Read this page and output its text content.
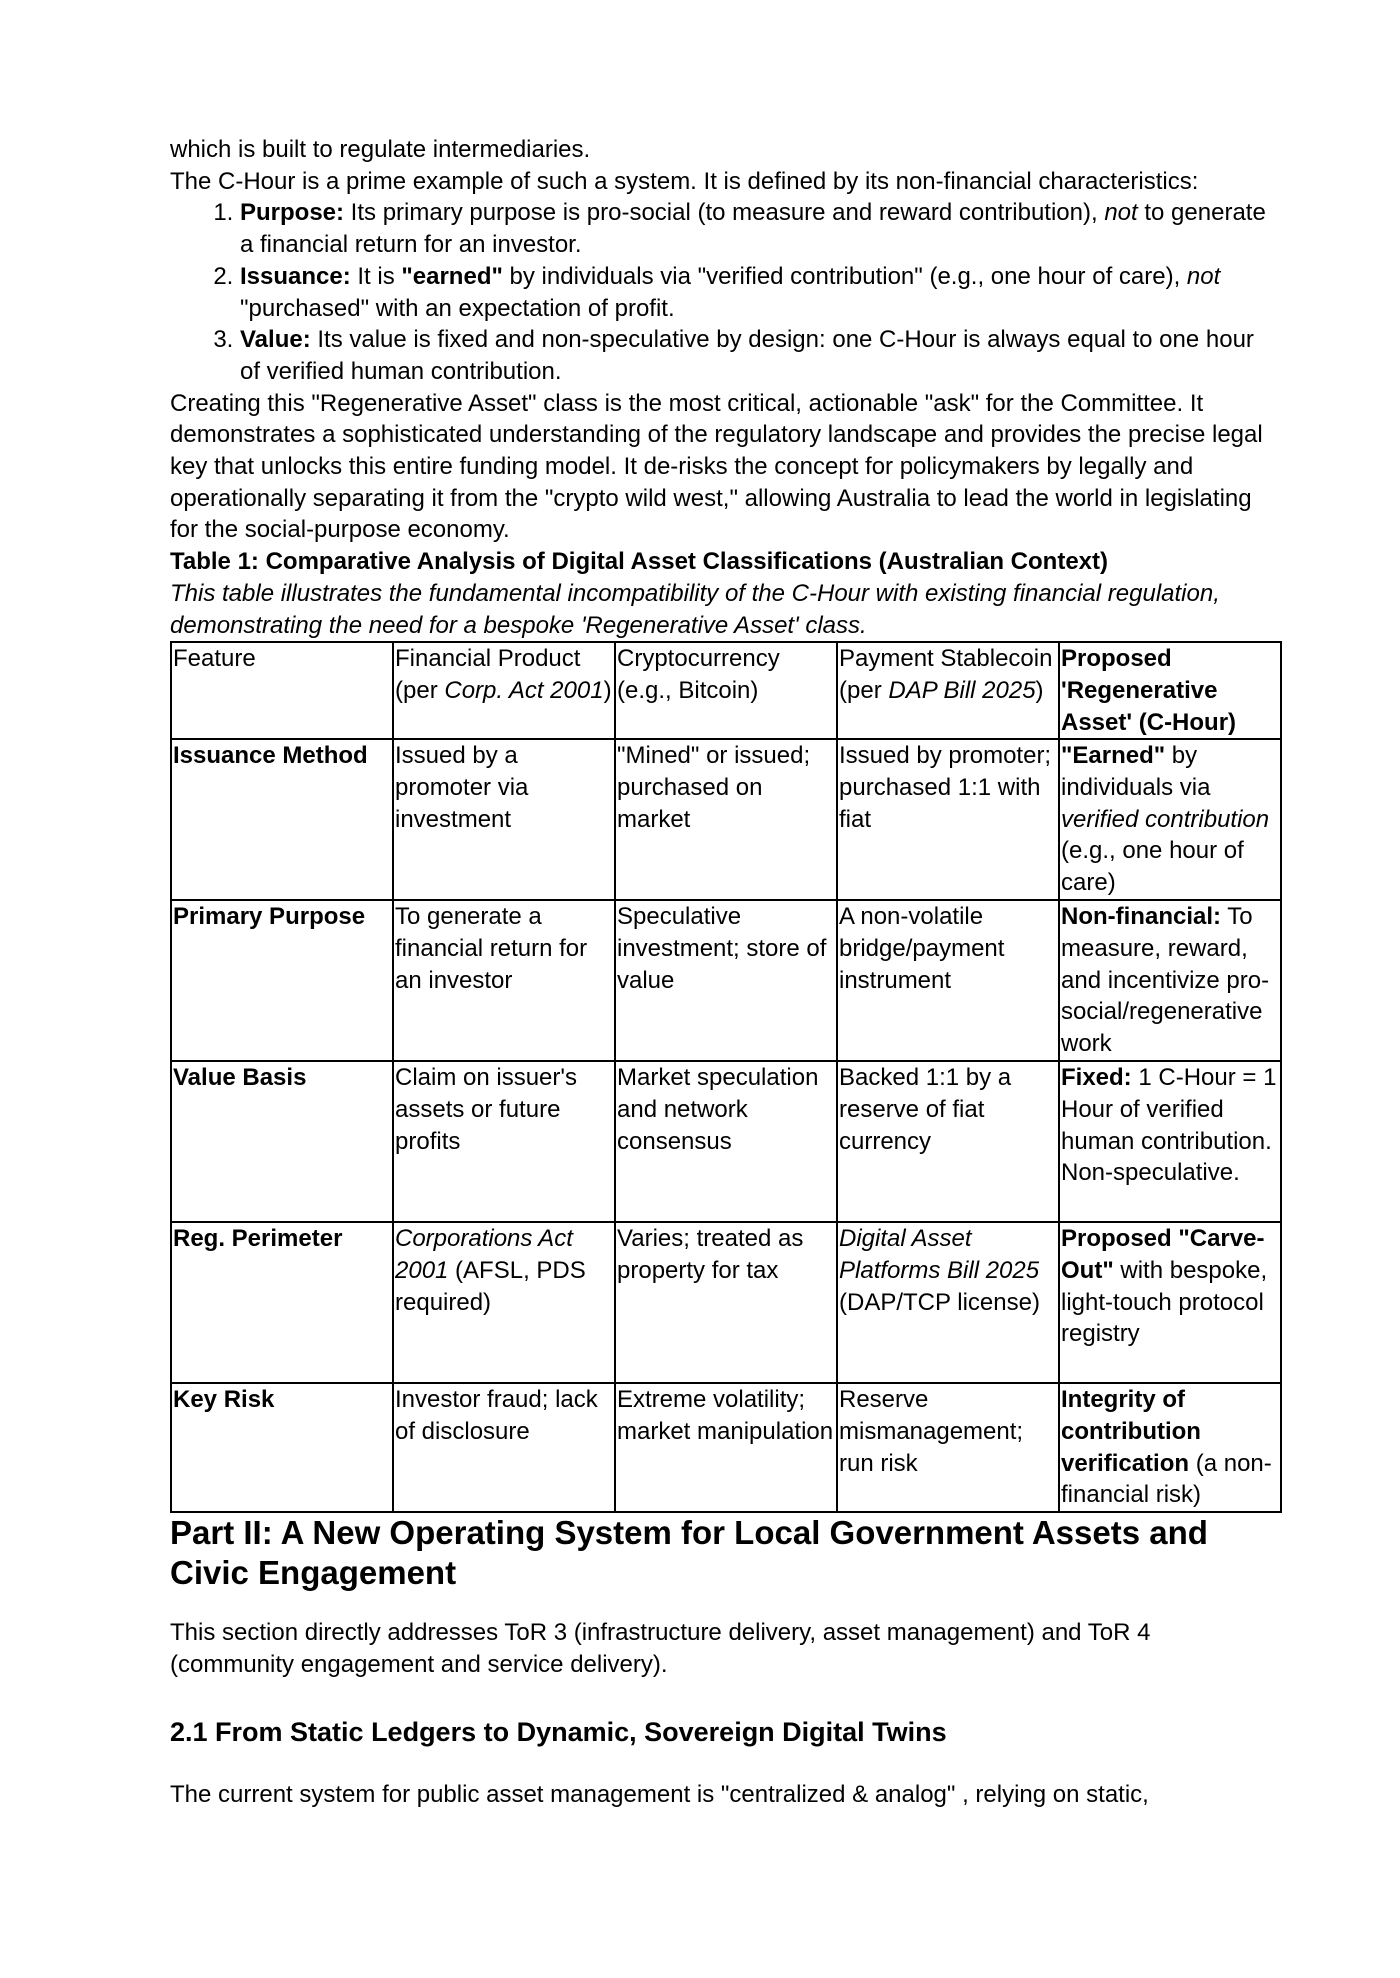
which is built to regulate intermediaries.

The C-Hour is a prime example of such a system. It is defined by its non-financial characteristics:

1. Purpose: Its primary purpose is pro-social (to measure and reward contribution), not to generate a financial return for an investor.
2. Issuance: It is "earned" by individuals via "verified contribution" (e.g., one hour of care), not "purchased" with an expectation of profit.
3. Value: Its value is fixed and non-speculative by design: one C-Hour is always equal to one hour of verified human contribution.

Creating this "Regenerative Asset" class is the most critical, actionable "ask" for the Committee. It demonstrates a sophisticated understanding of the regulatory landscape and provides the precise legal key that unlocks this entire funding model. It de-risks the concept for policymakers by legally and operationally separating it from the "crypto wild west," allowing Australia to lead the world in legislating for the social-purpose economy.

Table 1: Comparative Analysis of Digital Asset Classifications (Australian Context)

This table illustrates the fundamental incompatibility of the C-Hour with existing financial regulation, demonstrating the need for a bespoke 'Regenerative Asset' class.

Feature	Financial Product (per Corp. Act 2001)	Cryptocurrency (e.g., Bitcoin)	Payment Stablecoin (per DAP Bill 2025)	Proposed 'Regenerative Asset' (C-Hour)
Issuance Method	Issued by a promoter via investment	"Mined" or issued; purchased on market	Issued by promoter; purchased 1:1 with fiat	"Earned" by individuals via verified contribution (e.g., one hour of care)
Primary Purpose	To generate a financial return for an investor	Speculative investment; store of value	A non-volatile bridge/payment instrument	Non-financial: To measure, reward, and incentivize pro-social/regenerative work
Value Basis	Claim on issuer's assets or future profits	Market speculation and network consensus	Backed 1:1 by a reserve of fiat currency	Fixed: 1 C-Hour = 1 Hour of verified human contribution. Non-speculative.
Reg. Perimeter	Corporations Act 2001 (AFSL, PDS required)	Varies; treated as property for tax	Digital Asset Platforms Bill 2025 (DAP/TCP license)	Proposed "Carve-Out" with bespoke, light-touch protocol registry
Key Risk	Investor fraud; lack of disclosure	Extreme volatility; market manipulation	Reserve mismanagement; run risk	Integrity of contribution verification (a non-financial risk)
Part II: A New Operating System for Local Government Assets and Civic Engagement

This section directly addresses ToR 3 (infrastructure delivery, asset management) and ToR 4 (community engagement and service delivery).

2.1 From Static Ledgers to Dynamic, Sovereign Digital Twins

The current system for public asset management is "centralized & analog" , relying on static,
